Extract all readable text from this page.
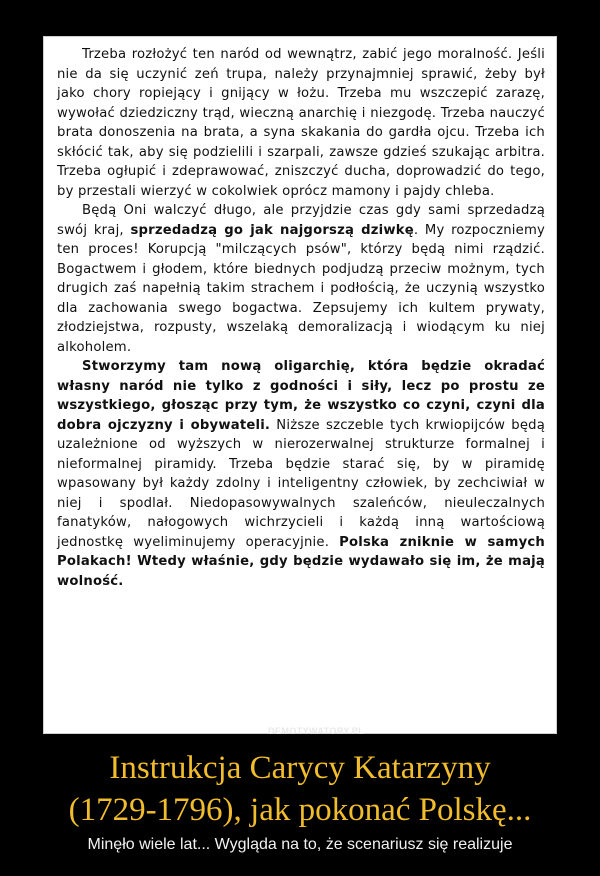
Trzeba rozłożyć ten naród od wewnątrz, zabić jego moralność. Jeśli nie da się uczynić zeń trupa, należy przynajmniej sprawić, żeby był jako chory ropiejący i gnijący w łożu. Trzeba mu wszczepić zarazę, wywołać dziedziczny trąd, wieczną anarchię i niezgodę. Trzeba nauczyć brata donoszenia na brata, a syna skakania do gardła ojcu. Trzeba ich skłócić tak, aby się podzielili i szarpali, zawsze gdzieś szukając arbitra. Trzeba ogłupić i zdeprawować, zniszczyć ducha, doprowadzić do tego, by przestali wierzyć w cokolwiek oprócz mamony i pajdy chleba.

Będą Oni walczyć długo, ale przyjdzie czas gdy sami sprzedadzą swój kraj, sprzedadzą go jak najgorszą dziwkę. My rozpoczniemy ten proces! Korupcją "milczących psów", którzy będą nimi rządzić. Bogactwem i głodem, które biednych podjudzą przeciw możnym, tych drugich zaś napełnią takim strachem i podłością, że uczynią wszystko dla zachowania swego bogactwa. Zepsujemy ich kultem prywaty, złodziejstwa, rozpusty, wszelaką demoralizacją i wiodącym ku niej alkoholem.

Stworzymy tam nową oligarchię, która będzie okradać własny naród nie tylko z godności i siły, lecz po prostu ze wszystkiego, głosząc przy tym, że wszystko co czyni, czyni dla dobra ojczyzny i obywateli. Niższe szczeble tych krwiopijców będą uzależnione od wyższych w nierozerwalnej strukturze formalnej i nieformalnej piramidy. Trzeba będzie starać się, by w piramidę wpasowany był każdy zdolny i inteligentny człowiek, by zechciwiał w niej i spodlał. Niedopasowywalnych szaleńców, nieuleczalnych fanatyków, nałogowych wichrzycieli i każdą inną wartościową jednostkę wyeliminujemy operacyjnie. Polska zniknie w samych Polakach! Wtedy właśnie, gdy będzie wydawało się im, że mają wolność.

DEMOTYWATORY.PL
Instrukcja Carycy Katarzyny
(1729-1796), jak pokonać Polskę...
Minęło wiele lat... Wygląda na to, że scenariusz się realizuje
